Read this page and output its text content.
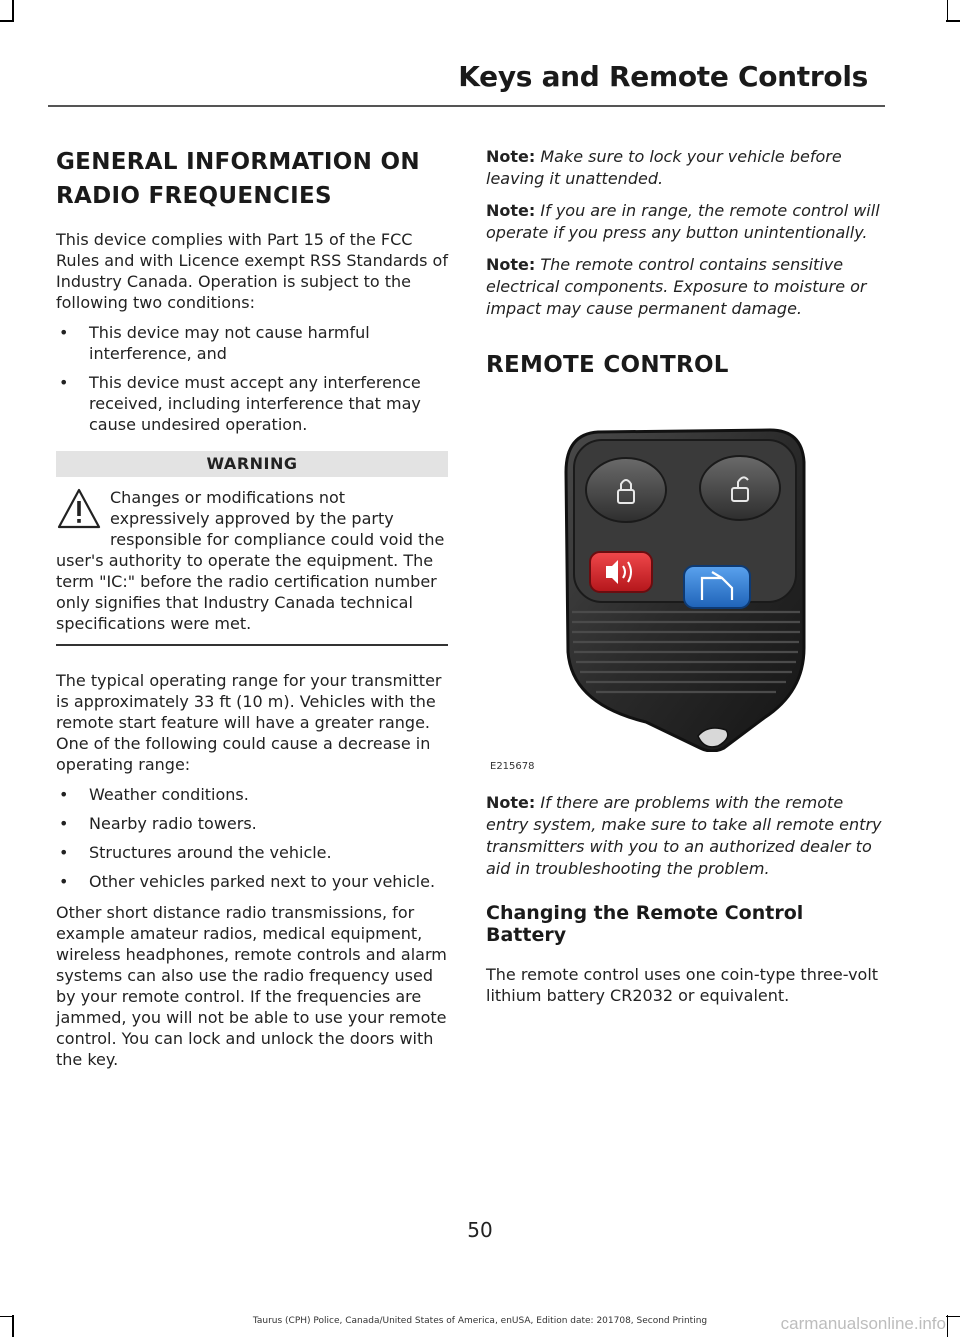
Keys and Remote Controls
GENERAL INFORMATION ON
RADIO FREQUENCIES

This device complies with Part 15 of the FCC Rules and with Licence exempt RSS Standards of Industry Canada. Operation is subject to the following two conditions:

• This device may not cause harmful interference, and
• This device must accept any interference received, including interference that may cause undesired operation.
WARNING
Changes or modifications not expressively approved by the party responsible for compliance could void the user's authority to operate the equipment. The term "IC:" before the radio certification number only signifies that Industry Canada technical specifications were met.

The typical operating range for your transmitter is approximately 33 ft (10 m). Vehicles with the remote start feature will have a greater range. One of the following could cause a decrease in operating range:

• Weather conditions.
• Nearby radio towers.
• Structures around the vehicle.
• Other vehicles parked next to your vehicle.

Other short distance radio transmissions, for example amateur radios, medical equipment, wireless headphones, remote controls and alarm systems can also use the radio frequency used by your remote control. If the frequencies are jammed, you will not be able to use your remote control. You can lock and unlock the doors with the key.

Note: Make sure to lock your vehicle before leaving it unattended.

Note: If you are in range, the remote control will operate if you press any button unintentionally.

Note: The remote control contains sensitive electrical components. Exposure to moisture or impact may cause permanent damage.

REMOTE CONTROL
E215678

Note: If there are problems with the remote entry system, make sure to take all remote entry transmitters with you to an authorized dealer to aid in troubleshooting the problem.

Changing the Remote Control Battery

The remote control uses one coin-type three-volt lithium battery CR2032 or equivalent.

50
Taurus (CPH) Police, Canada/United States of America, enUSA, Edition date: 201708, Second Printing	carmanualsonline.info
